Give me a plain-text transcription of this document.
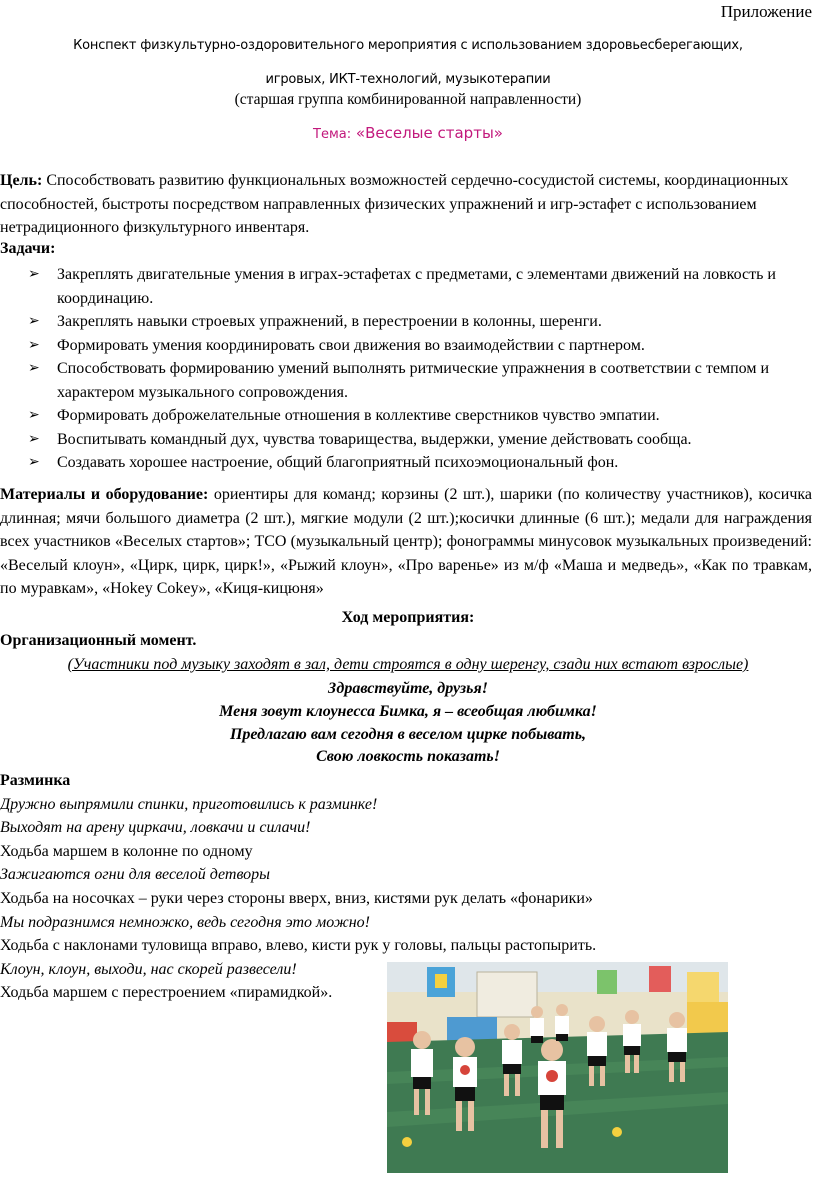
Приложение
Конспект физкультурно-оздоровительного мероприятия с использованием здоровьесберегающих,
игровых, ИКТ-технологий, музыкотерапии
(старшая группа комбинированной направленности)
Тема: «Веселые старты»
Цель: Способствовать развитию функциональных возможностей сердечно-сосудистой системы, координационных способностей, быстроты посредством направленных физических упражнений и игр-эстафет с использованием нетрадиционного физкультурного инвентаря.
Задачи:
➢ Закреплять двигательные умения в играх-эстафетах с предметами, с элементами движений на ловкость и координацию.
➢ Закреплять навыки строевых упражнений, в перестроении в колонны, шеренги.
➢ Формировать умения координировать свои движения во взаимодействии с партнером.
➢ Способствовать формированию умений выполнять ритмические упражнения в соответствии с темпом и характером музыкального сопровождения.
➢ Формировать доброжелательные отношения в коллективе сверстников чувство эмпатии.
➢ Воспитывать командный дух, чувства товарищества, выдержки, умение действовать сообща.
➢ Создавать хорошее настроение, общий благоприятный психоэмоциональный фон.
Материалы и оборудование: ориентиры для команд; корзины (2 шт.), шарики (по количеству участников), косичка длинная; мячи большого диаметра (2 шт.), мягкие модули (2 шт.);косички длинные (6 шт.); медали для награждения всех участников «Веселых стартов»; ТСО (музыкальный центр); фонограммы минусовок музыкальных произведений: «Веселый клоун», «Цирк, цирк, цирк!», «Рыжий клоун», «Про варенье» из м/ф «Маша и медведь», «Как по травкам, по муравкам», «Hokey Cokey», «Киця-кицюня»
Ход мероприятия:
Организационный момент.
(Участники под музыку заходят в зал, дети строятся в одну шеренгу, сзади них встают взрослые)
Здравствуйте, друзья!
Меня зовут клоунесса Бимка, я – всеобщая любимка!
Предлагаю вам сегодня в веселом цирке побывать,
Свою ловкость показать!
Разминка
Дружно выпрямили спинки, приготовились к разминке!
Выходят на арену циркачи, ловкачи и силачи!
Ходьба маршем в колонне по одному
Зажигаются огни для веселой детворы
Ходьба на носочках – руки через стороны вверх, вниз, кистями рук делать «фонарики»
Мы подразнимся немножко, ведь сегодня это можно!
Ходьба с наклонами туловища вправо, влево, кисти рук у головы, пальцы растопырить.
Клоун, клоун, выходи, нас скорей развесели!
Ходьба маршем с перестроением «пирамидкой».
